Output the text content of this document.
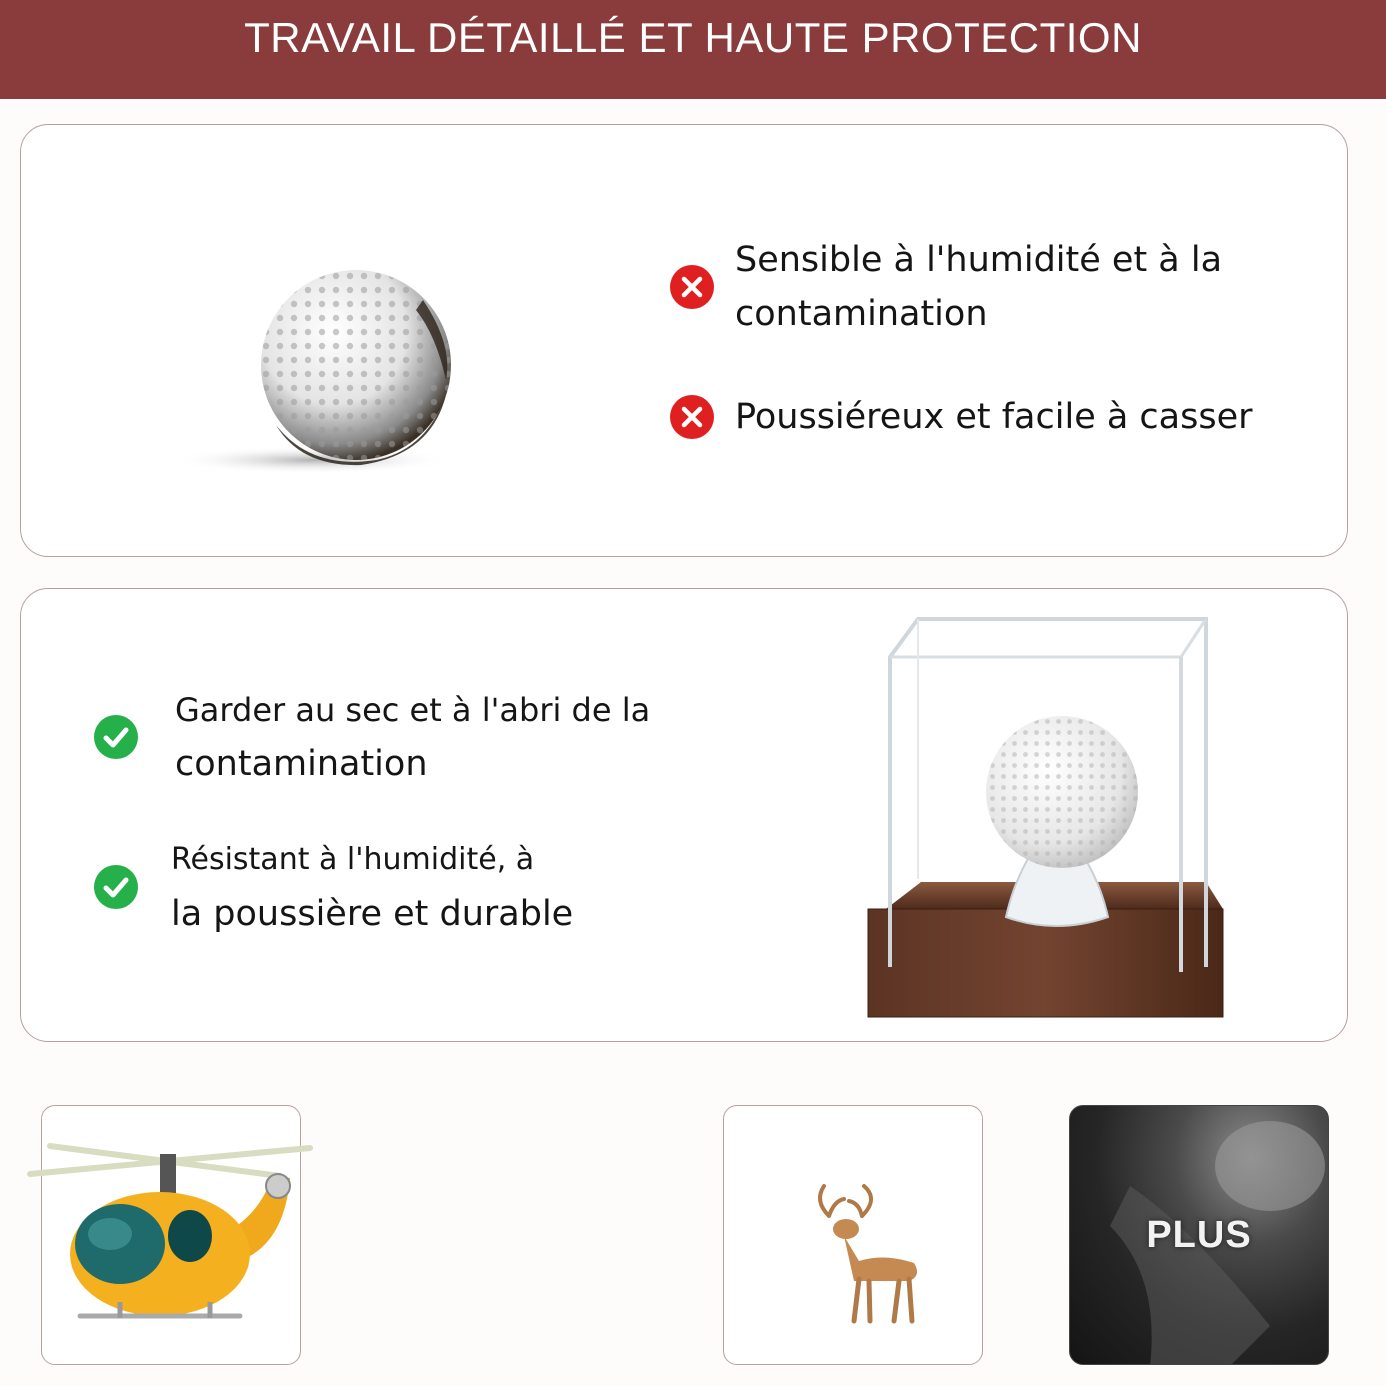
TRAVAIL DÉTAILLÉ ET HAUTE PROTECTION
Sensible à l'humidité et à la
contamination
Poussiéreux et facile à casser
Garder au sec et à l'abri de la
contamination
Résistant à l'humidité, à
la poussière et durable
PLUS
